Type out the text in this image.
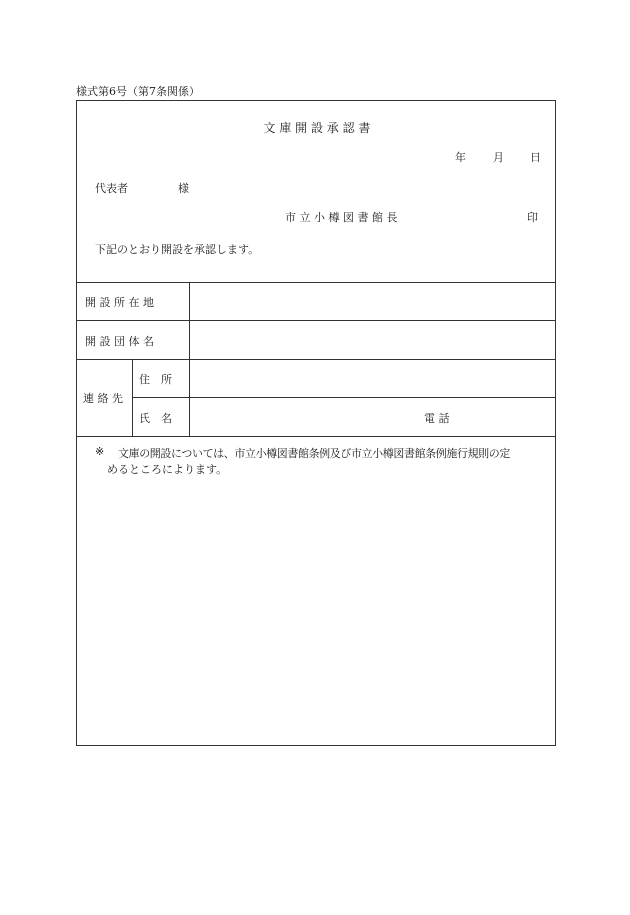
様式第6号（第7条関係）
文 庫 開 設 承 認 書
年 月 日
代表者	様
市 立 小 樽 図 書 館 長	印
下記のとおり開設を承認します。
開 設 所 在 地
開 設 団 体 名
連 絡 先
住　所
氏　名	電 話
※ 文庫の開設については、市立小樽図書館条例及び市立小樽図書館条例施行規則の定
めるところによります。
